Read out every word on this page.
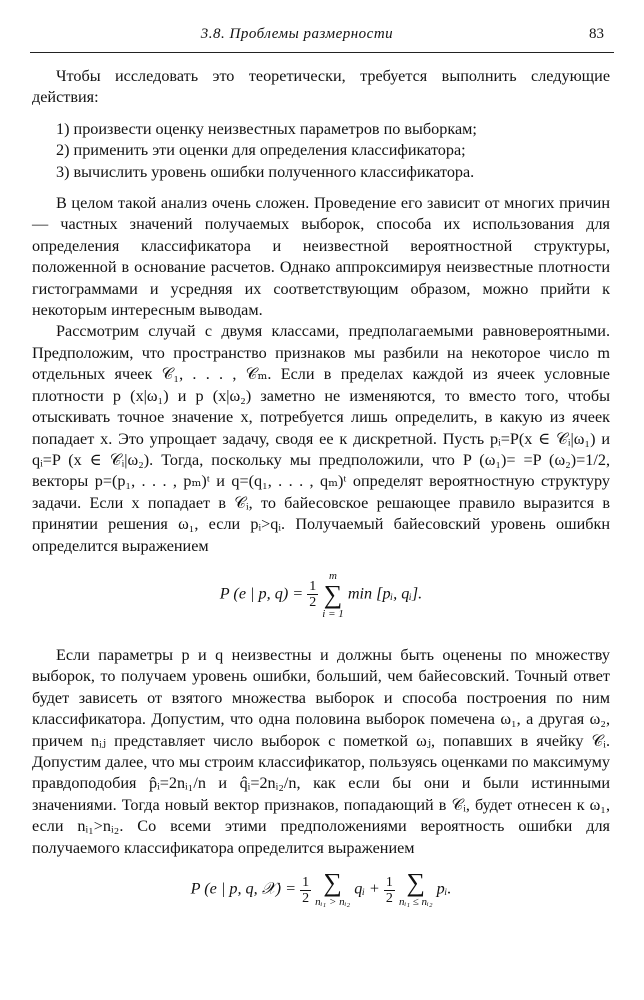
3.8. Проблемы размерности	83

Чтобы исследовать это теоретически, требуется выполнить следующие действия:

1) произвести оценку неизвестных параметров по выборкам;
2) применить эти оценки для определения классификатора;
3) вычислить уровень ошибки полученного классификатора.

В целом такой анализ очень сложен. Проведение его зависит от многих причин — частных значений получаемых выборок, способа их использования для определения классификатора и неизвестной вероятностной структуры, положенной в основание расчетов. Однако аппроксимируя неизвестные плотности гистограммами и усредняя их соответствующим образом, можно прийти к некоторым интересным выводам.

Рассмотрим случай с двумя классами, предполагаемыми равновероятными. Предположим, что пространство признаков мы разбили на некоторое число m отдельных ячеек 𝒞₁, . . . , 𝒞ₘ. Если в пределах каждой из ячеек условные плотности p (x|ω₁) и p (x|ω₂) заметно не изменяются, то вместо того, чтобы отыскивать точное значение x, потребуется лишь определить, в какую из ячеек попадает x. Это упрощает задачу, сводя ее к дискретной. Пусть pᵢ=P(x ∈ 𝒞ᵢ|ω₁) и qᵢ=P (x ∈ 𝒞ᵢ|ω₂). Тогда, поскольку мы предположили, что P (ω₁)= =P (ω₂)=1/2, векторы p=(p₁, . . . , pₘ)ᵗ и q=(q₁, . . . , qₘ)ᵗ определят вероятностную структуру задачи. Если x попадает в 𝒞ᵢ, то байесовское решающее правило выразится в принятии решения ω₁, если pᵢ>qᵢ. Получаемый байесовский уровень ошибкн определится выражением

P (e | p, $q) = \frac{1}{2}$

m
∑
i = 1
min [pᵢ, qᵢ].

Если параметры p и q неизвестны и должны быть оценены по множеству выборок, то получаем уровень ошибки, больший, чем байесовский. Точный ответ будет зависеть от взятого множества выборок и способа построения по ним классификатора. Допустим, что одна половина выборок помечена ω₁, а другая ω₂, причем nᵢⱼ представляет число выборок с пометкой ωⱼ, попавших в ячейку 𝒞ᵢ. Допустим далее, что мы строим классификатор, пользуясь оценками по максимуму правдоподобия p̂ᵢ=2nᵢ₁/n и q̂ᵢ=2nᵢ₂/n, как если бы они и были истинными значениями. Тогда новый вектор признаков, попадающий в 𝒞ᵢ, будет отнесен к ω₁, если nᵢ₁>nᵢ₂. Со всеми этими предположениями вероятность ошибки для получаемого классификатора определится выражением

P (e | p, q, 𝒳) = $\frac{1}{2}$
∑
nᵢ₁ > nᵢ₂
qᵢ + $\frac{1}{2}$
∑
nᵢ₁ ≤ nᵢ₂
pᵢ.
